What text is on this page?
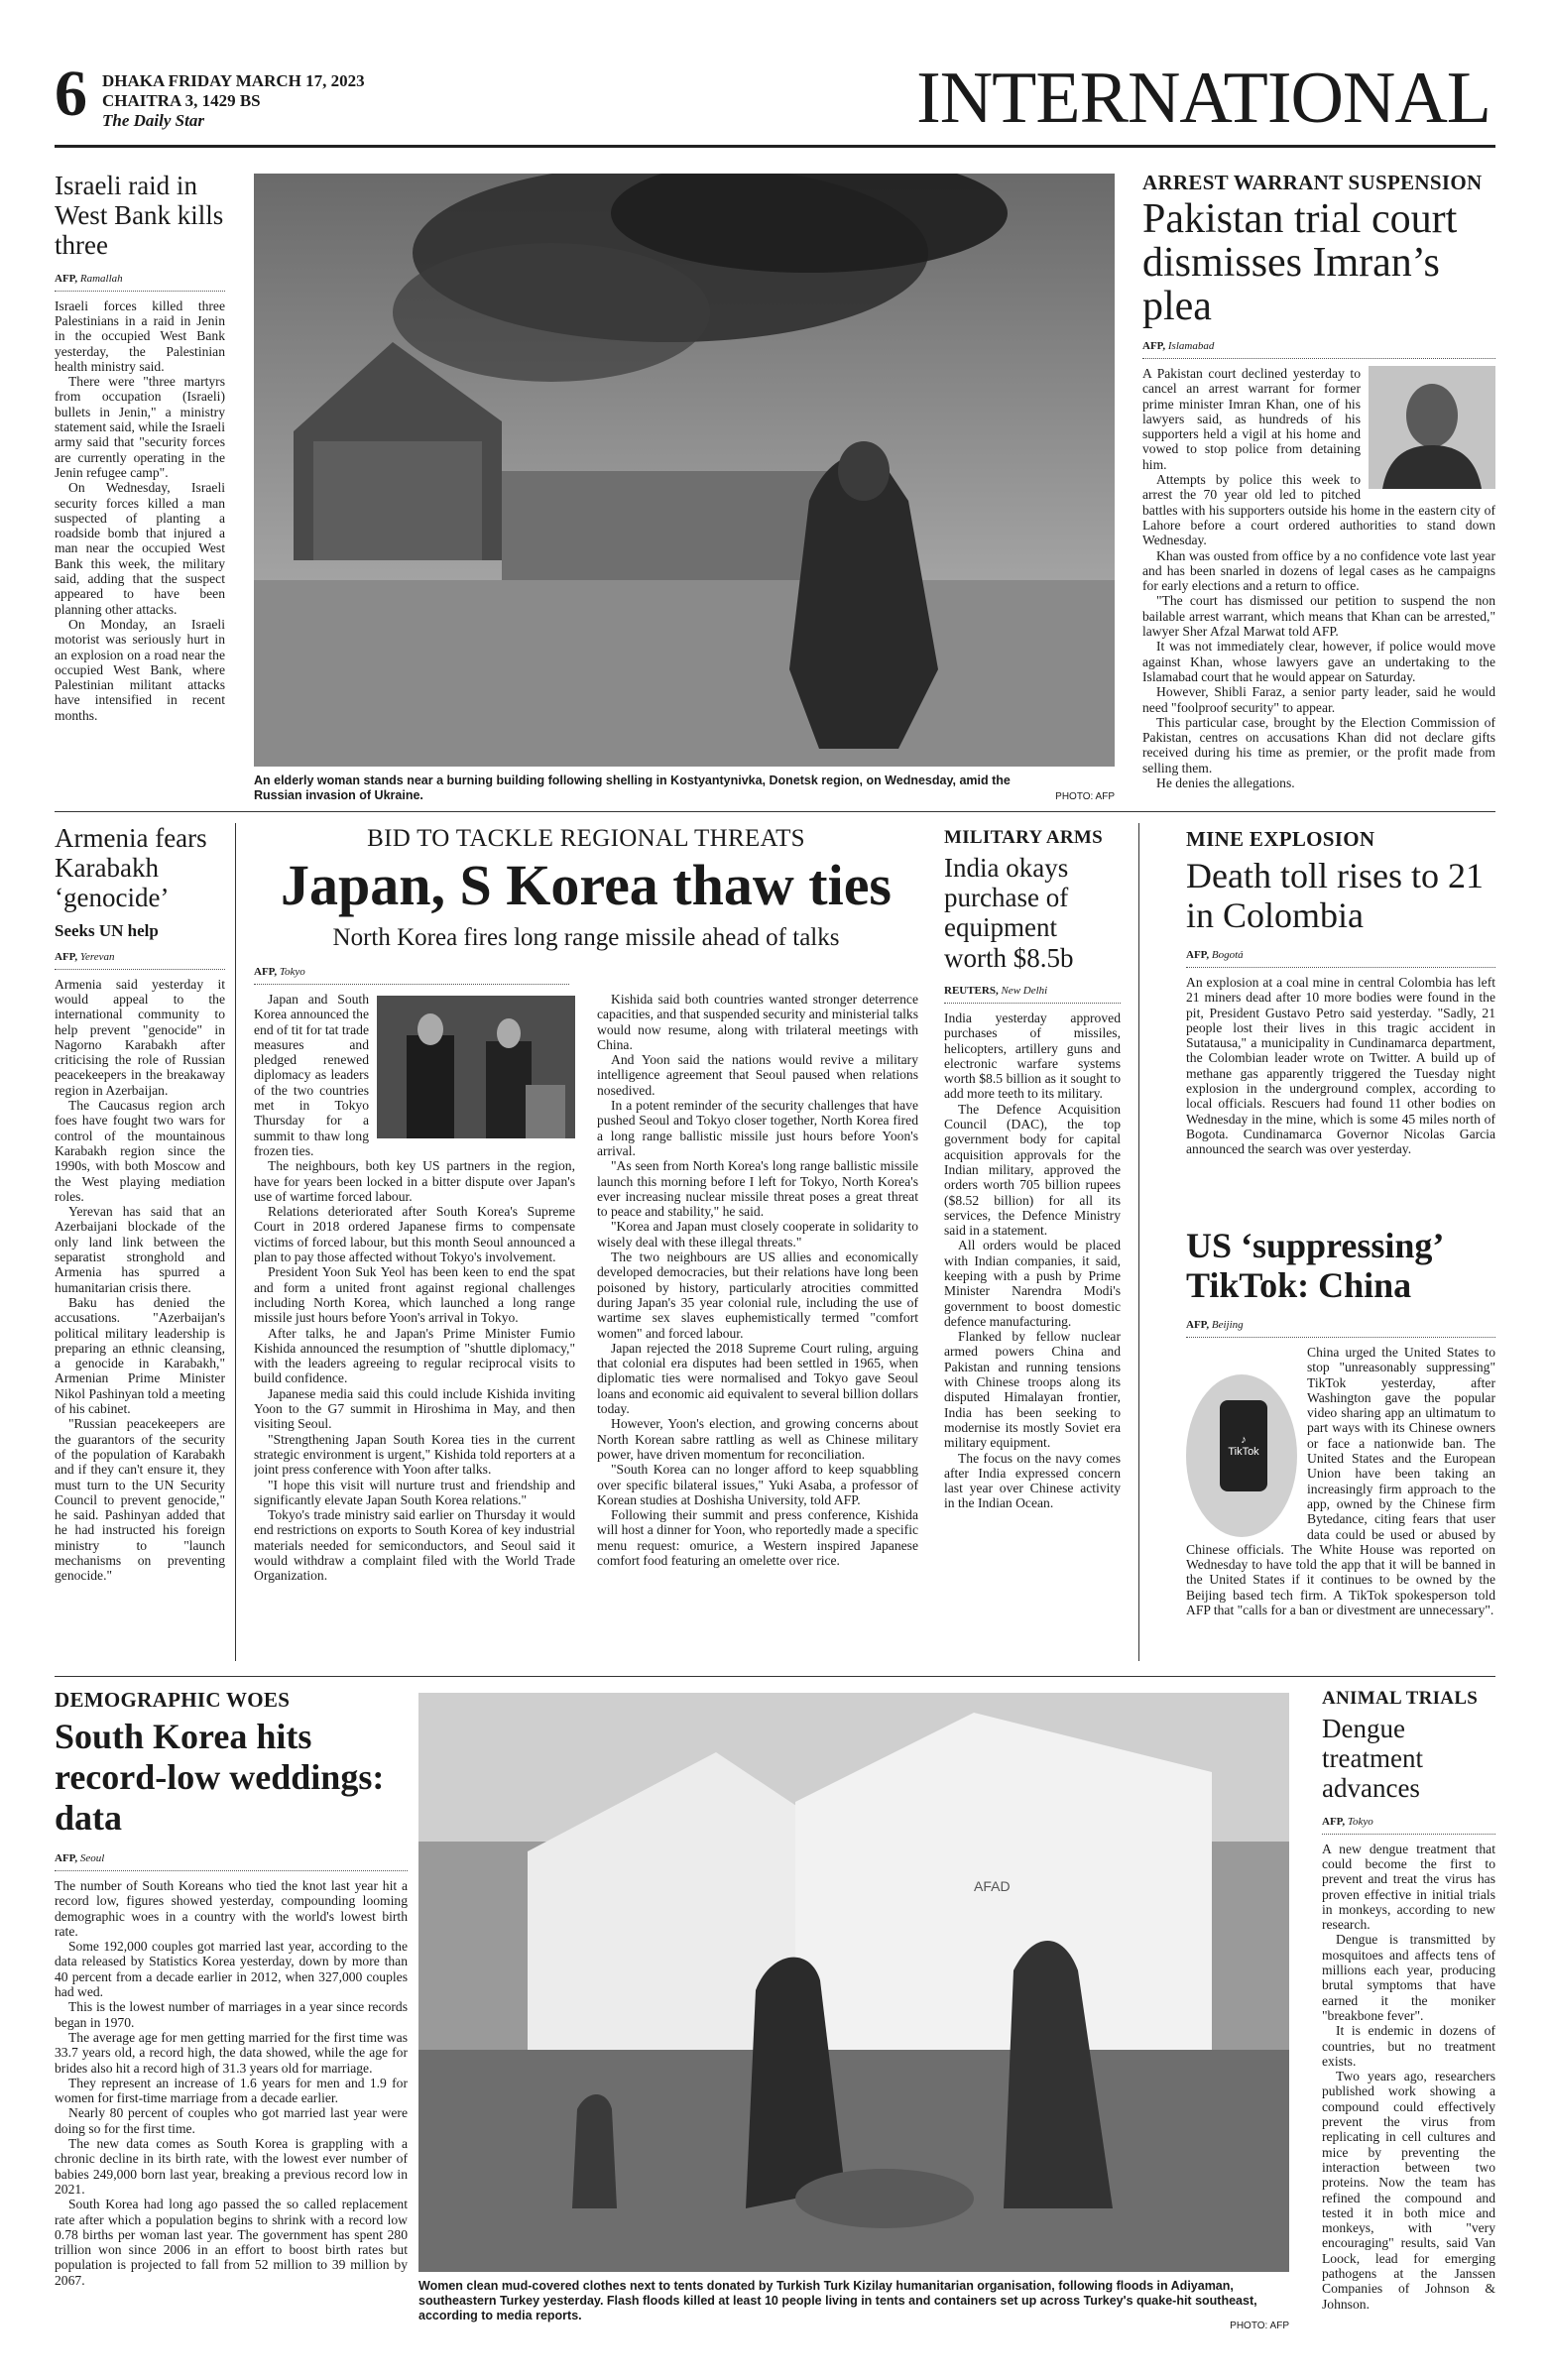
6 DHAKA FRIDAY MARCH 17, 2023
CHAITRA 3, 1429 BS
The Daily Star	INTERNATIONAL
Israeli raid in West Bank kills three
AFP, Ramallah

Israeli forces killed three Palestinians in a raid in Jenin in the occupied West Bank yesterday, the Palestinian health ministry said.

There were "three martyrs from occupation (Israeli) bullets in Jenin," a ministry statement said, while the Israeli army said that "security forces are currently operating in the Jenin refugee camp".

On Wednesday, Israeli security forces killed a man suspected of planting a roadside bomb that injured a man near the occupied West Bank this week, the military said, adding that the suspect appeared to have been planning other attacks.

On Monday, an Israeli motorist was seriously hurt in an explosion on a road near the occupied West Bank, where Palestinian militant attacks have intensified in recent months.

An elderly woman stands near a burning building following shelling in Kostyantynivka, Donetsk region, on Wednesday, amid the Russian invasion of Ukraine.	PHOTO: AFP
ARREST WARRANT SUSPENSION
Pakistan trial court dismisses Imran’s plea
AFP, Islamabad

A Pakistan court declined yesterday to cancel an arrest warrant for former prime minister Imran Khan, one of his lawyers said, as hundreds of his supporters held a vigil at his home and vowed to stop police from detaining him.

Attempts by police this week to arrest the 70 year old led to pitched battles with his supporters outside his home in the eastern city of Lahore before a court ordered authorities to stand down Wednesday.

Khan was ousted from office by a no confidence vote last year and has been snarled in dozens of legal cases as he campaigns for early elections and a return to office.

"The court has dismissed our petition to suspend the non bailable arrest warrant, which means that Khan can be arrested," lawyer Sher Afzal Marwat told AFP.

It was not immediately clear, however, if police would move against Khan, whose lawyers gave an undertaking to the Islamabad court that he would appear on Saturday.

However, Shibli Faraz, a senior party leader, said he would need "foolproof security" to appear.

This particular case, brought by the Election Commission of Pakistan, centres on accusations Khan did not declare gifts received during his time as premier, or the profit made from selling them.

He denies the allegations.

Armenia fears Karabakh ‘genocide’
Seeks UN help
AFP, Yerevan

Armenia said yesterday it would appeal to the international community to help prevent "genocide" in Nagorno Karabakh after criticising the role of Russian peacekeepers in the breakaway region in Azerbaijan.

The Caucasus region arch foes have fought two wars for control of the mountainous Karabakh region since the 1990s, with both Moscow and the West playing mediation roles.

Yerevan has said that an Azerbaijani blockade of the only land link between the separatist stronghold and Armenia has spurred a humanitarian crisis there.

Baku has denied the accusations. "Azerbaijan's political military leadership is preparing an ethnic cleansing, a genocide in Karabakh," Armenian Prime Minister Nikol Pashinyan told a meeting of his cabinet.

"Russian peacekeepers are the guarantors of the security of the population of Karabakh and if they can't ensure it, they must turn to the UN Security Council to prevent genocide," he said. Pashinyan added that he had instructed his foreign ministry to "launch mechanisms on preventing genocide."

BID TO TACKLE REGIONAL THREATS
Japan, S Korea thaw ties
North Korea fires long range missile ahead of talks
AFP, Tokyo

Japan and South Korea announced the end of tit for tat trade measures and pledged renewed diplomacy as leaders of the two countries met in Tokyo Thursday for a summit to thaw long frozen ties.

The neighbours, both key US partners in the region, have for years been locked in a bitter dispute over Japan's use of wartime forced labour.

Relations deteriorated after South Korea's Supreme Court in 2018 ordered Japanese firms to compensate victims of forced labour, but this month Seoul announced a plan to pay those affected without Tokyo's involvement.

President Yoon Suk Yeol has been keen to end the spat and form a united front against regional challenges including North Korea, which launched a long range missile just hours before Yoon's arrival in Tokyo.

After talks, he and Japan's Prime Minister Fumio Kishida announced the resumption of "shuttle diplomacy," with the leaders agreeing to regular reciprocal visits to build confidence.

Japanese media said this could include Kishida inviting Yoon to the G7 summit in Hiroshima in May, and then visiting Seoul.

"Strengthening Japan South Korea ties in the current strategic environment is urgent," Kishida told reporters at a joint press conference with Yoon after talks.

"I hope this visit will nurture trust and friendship and significantly elevate Japan South Korea relations."

Tokyo's trade ministry said earlier on Thursday it would end restrictions on exports to South Korea of key industrial materials needed for semiconductors, and Seoul said it would withdraw a complaint filed with the World Trade Organization.

Kishida said both countries wanted stronger deterrence capacities, and that suspended security and ministerial talks would now resume, along with trilateral meetings with China.

And Yoon said the nations would revive a military intelligence agreement that Seoul paused when relations nosedived.

In a potent reminder of the security challenges that have pushed Seoul and Tokyo closer together, North Korea fired a long range ballistic missile just hours before Yoon's arrival.

"As seen from North Korea's long range ballistic missile launch this morning before I left for Tokyo, North Korea's ever increasing nuclear missile threat poses a great threat to peace and stability," he said.

"Korea and Japan must closely cooperate in solidarity to wisely deal with these illegal threats."

The two neighbours are US allies and economically developed democracies, but their relations have long been poisoned by history, particularly atrocities committed during Japan's 35 year colonial rule, including the use of wartime sex slaves euphemistically termed "comfort women" and forced labour.

Japan rejected the 2018 Supreme Court ruling, arguing that colonial era disputes had been settled in 1965, when diplomatic ties were normalised and Tokyo gave Seoul loans and economic aid equivalent to several billion dollars today.

However, Yoon's election, and growing concerns about North Korean sabre rattling as well as Chinese military power, have driven momentum for reconciliation.

"South Korea can no longer afford to keep squabbling over specific bilateral issues," Yuki Asaba, a professor of Korean studies at Doshisha University, told AFP.

Following their summit and press conference, Kishida will host a dinner for Yoon, who reportedly made a specific menu request: omurice, a Western inspired Japanese comfort food featuring an omelette over rice.

MILITARY ARMS
India okays purchase of equipment worth $8.5b
REUTERS, New Delhi

India yesterday approved purchases of missiles, helicopters, artillery guns and electronic warfare systems worth $8.5 billion as it sought to add more teeth to its military.

The Defence Acquisition Council (DAC), the top government body for capital acquisition approvals for the Indian military, approved the orders worth 705 billion rupees ($8.52 billion) for all its services, the Defence Ministry said in a statement.

All orders would be placed with Indian companies, it said, keeping with a push by Prime Minister Narendra Modi's government to boost domestic defence manufacturing.

Flanked by fellow nuclear armed powers China and Pakistan and running tensions with Chinese troops along its disputed Himalayan frontier, India has been seeking to modernise its mostly Soviet era military equipment.

The focus on the navy comes after India expressed concern last year over Chinese activity in the Indian Ocean.

MINE EXPLOSION
Death toll rises to 21 in Colombia
AFP, Bogotá

An explosion at a coal mine in central Colombia has left 21 miners dead after 10 more bodies were found in the pit, President Gustavo Petro said yesterday. "Sadly, 21 people lost their lives in this tragic accident in Sutatausa," a municipality in Cundinamarca department, the Colombian leader wrote on Twitter. A build up of methane gas apparently triggered the Tuesday night explosion in the underground complex, according to local officials. Rescuers had found 11 other bodies on Wednesday in the mine, which is some 45 miles north of Bogota. Cundinamarca Governor Nicolas Garcia announced the search was over yesterday.

US ‘suppressing’ TikTok: China
AFP, Beijing
♪
TikTok

China urged the United States to stop "unreasonably suppressing" TikTok yesterday, after Washington gave the popular video sharing app an ultimatum to part ways with its Chinese owners or face a nationwide ban. The United States and the European Union have been taking an increasingly firm approach to the app, owned by the Chinese firm Bytedance, citing fears that user data could be used or abused by Chinese officials. The White House was reported on Wednesday to have told the app that it will be banned in the United States if it continues to be owned by the Beijing based tech firm. A TikTok spokesperson told AFP that "calls for a ban or divestment are unnecessary".

DEMOGRAPHIC WOES
South Korea hits record-low weddings: data
AFP, Seoul

The number of South Koreans who tied the knot last year hit a record low, figures showed yesterday, compounding looming demographic woes in a country with the world's lowest birth rate.

Some 192,000 couples got married last year, according to the data released by Statistics Korea yesterday, down by more than 40 percent from a decade earlier in 2012, when 327,000 couples had wed.

This is the lowest number of marriages in a year since records began in 1970.

The average age for men getting married for the first time was 33.7 years old, a record high, the data showed, while the age for brides also hit a record high of 31.3 years old for marriage.

They represent an increase of 1.6 years for men and 1.9 for women for first-time marriage from a decade earlier.

Nearly 80 percent of couples who got married last year were doing so for the first time.

The new data comes as South Korea is grappling with a chronic decline in its birth rate, with the lowest ever number of babies 249,000 born last year, breaking a previous record low in 2021.

South Korea had long ago passed the so called replacement rate after which a population begins to shrink with a record low 0.78 births per woman last year. The government has spent 280 trillion won since 2006 in an effort to boost birth rates but population is projected to fall from 52 million to 39 million by 2067.

AFAD
Women clean mud-covered clothes next to tents donated by Turkish Turk Kizilay humanitarian organisation, following floods in Adiyaman, southeastern Turkey yesterday. Flash floods killed at least 10 people living in tents and containers set up across Turkey's quake-hit southeast, according to media reports.
PHOTO: AFP
ANIMAL TRIALS
Dengue treatment advances
AFP, Tokyo

A new dengue treatment that could become the first to prevent and treat the virus has proven effective in initial trials in monkeys, according to new research.

Dengue is transmitted by mosquitoes and affects tens of millions each year, producing brutal symptoms that have earned it the moniker "breakbone fever".

It is endemic in dozens of countries, but no treatment exists.

Two years ago, researchers published work showing a compound could effectively prevent the virus from replicating in cell cultures and mice by preventing the interaction between two proteins. Now the team has refined the compound and tested it in both mice and monkeys, with "very encouraging" results, said Van Loock, lead for emerging pathogens at the Janssen Companies of Johnson & Johnson.
